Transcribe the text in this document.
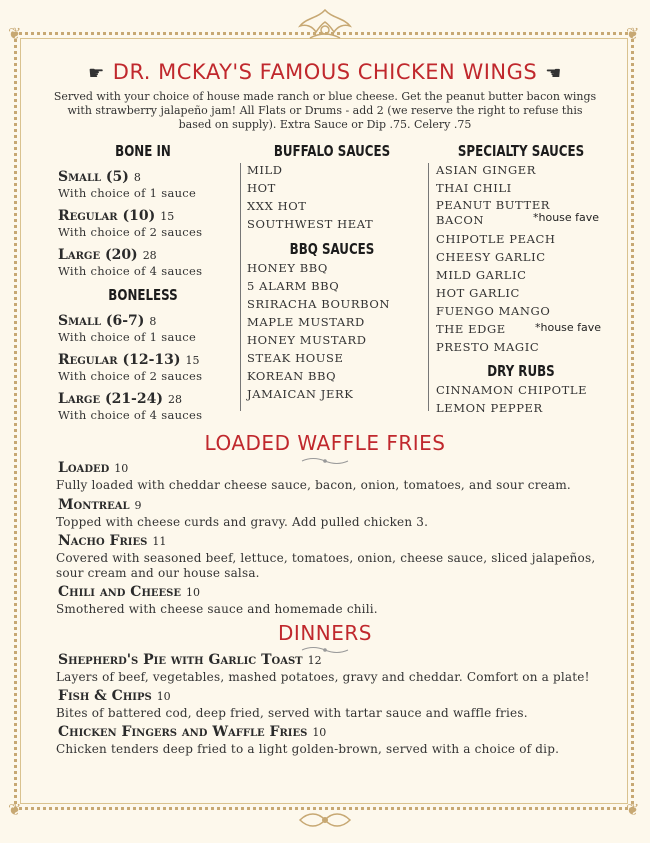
❦	❦
❦	❦
☛ DR. MCKAY'S FAMOUS CHICKEN WINGS ☚
Served with your choice of house made ranch or blue cheese. Get the peanut butter bacon wings with strawberry jalapeño jam! All Flats or Drums - add 2 (we reserve the right to refuse this based on supply). Extra Sauce or Dip .75. Celery .75
BONE IN	BUFFALO SAUCES	SPECIALTY SAUCES
Small (5) 8
With choice of 1 sauce
Regular (10) 15
With choice of 2 sauces
Large (20) 28
With choice of 4 sauces
BONELESS
Small (6-7) 8
With choice of 1 sauce
Regular (12-13) 15
With choice of 2 sauces
Large (21-24) 28
With choice of 4 sauces
MILD
HOT
XXX HOT
SOUTHWEST HEAT
BBQ SAUCES
HONEY BBQ
5 ALARM BBQ
SRIRACHA BOURBON
MAPLE MUSTARD
HONEY MUSTARD
STEAK HOUSE
KOREAN BBQ
JAMAICAN JERK
ASIAN GINGER
THAI CHILI
PEANUT BUTTER
BACON	*house fave
CHIPOTLE PEACH
CHEESY GARLIC
MILD GARLIC
HOT GARLIC
FUENGO MANGO
THE EDGE	*house fave
PRESTO MAGIC
DRY RUBS
CINNAMON CHIPOTLE
LEMON PEPPER
LOADED WAFFLE FRIES
Loaded 10
Fully loaded with cheddar cheese sauce, bacon, onion, tomatoes, and sour cream.
Montreal 9
Topped with cheese curds and gravy. Add pulled chicken 3.
Nacho Fries 11
Covered with seasoned beef, lettuce, tomatoes, onion, cheese sauce, sliced jalapeños, sour cream and our house salsa.
Chili and Cheese 10
Smothered with cheese sauce and homemade chili.
DINNERS
Shepherd's Pie with Garlic Toast 12
Layers of beef, vegetables, mashed potatoes, gravy and cheddar. Comfort on a plate!
Fish & Chips 10
Bites of battered cod, deep fried, served with tartar sauce and waffle fries.
Chicken Fingers and Waffle Fries 10
Chicken tenders deep fried to a light golden-brown, served with a choice of dip.
